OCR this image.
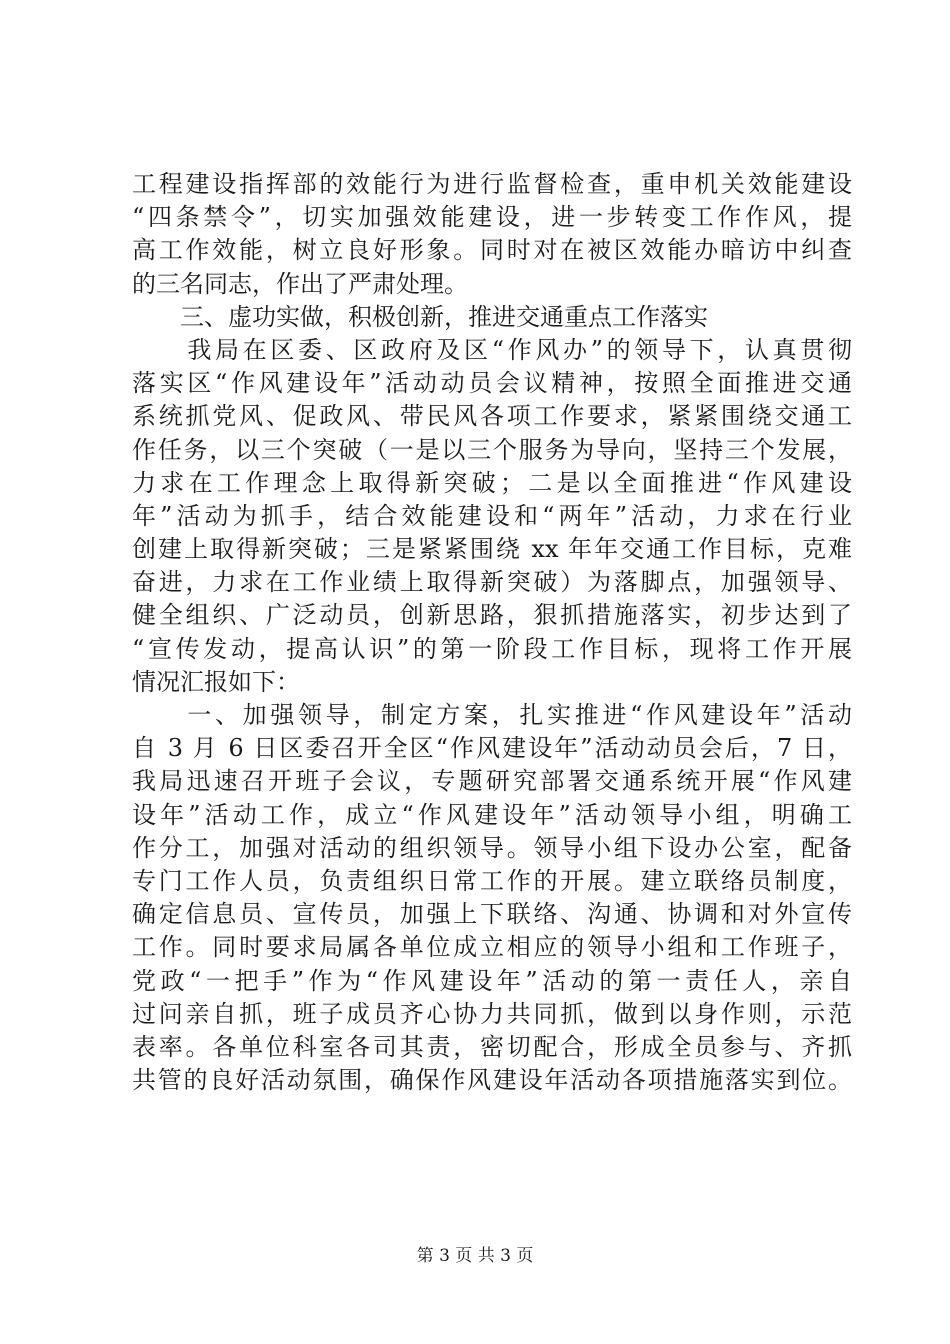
工程建设指挥部的效能行为进行监督检查，重申机关效能建设
“四条禁令”，切实加强效能建设，进一步转变工作作风，提
高工作效能，树立良好形象。同时对在被区效能办暗访中纠查
的三名同志，作出了严肃处理。
　　三、虚功实做，积极创新，推进交通重点工作落实
　　我局在区委、区政府及区“作风办”的领导下，认真贯彻
落实区“作风建设年”活动动员会议精神，按照全面推进交通
系统抓党风、促政风、带民风各项工作要求，紧紧围绕交通工
作任务，以三个突破（一是以三个服务为导向，坚持三个发展，
力求在工作理念上取得新突破；二是以全面推进“作风建设
年”活动为抓手，结合效能建设和“两年”活动，力求在行业
创建上取得新突破；三是紧紧围绕 xx 年年交通工作目标，克难
奋进，力求在工作业绩上取得新突破）为落脚点，加强领导、
健全组织、广泛动员，创新思路，狠抓措施落实，初步达到了
“宣传发动，提高认识”的第一阶段工作目标，现将工作开展
情况汇报如下：
　　一、加强领导，制定方案，扎实推进“作风建设年”活动
自 3 月 6 日区委召开全区“作风建设年”活动动员会后，7 日，
我局迅速召开班子会议，专题研究部署交通系统开展“作风建
设年”活动工作，成立“作风建设年”活动领导小组，明确工
作分工，加强对活动的组织领导。领导小组下设办公室，配备
专门工作人员，负责组织日常工作的开展。建立联络员制度，
确定信息员、宣传员，加强上下联络、沟通、协调和对外宣传
工作。同时要求局属各单位成立相应的领导小组和工作班子，
党政“一把手”作为“作风建设年”活动的第一责任人，亲自
过问亲自抓，班子成员齐心协力共同抓，做到以身作则，示范
表率。各单位科室各司其责，密切配合，形成全员参与、齐抓
共管的良好活动氛围，确保作风建设年活动各项措施落实到位。
第 3 页 共 3 页
